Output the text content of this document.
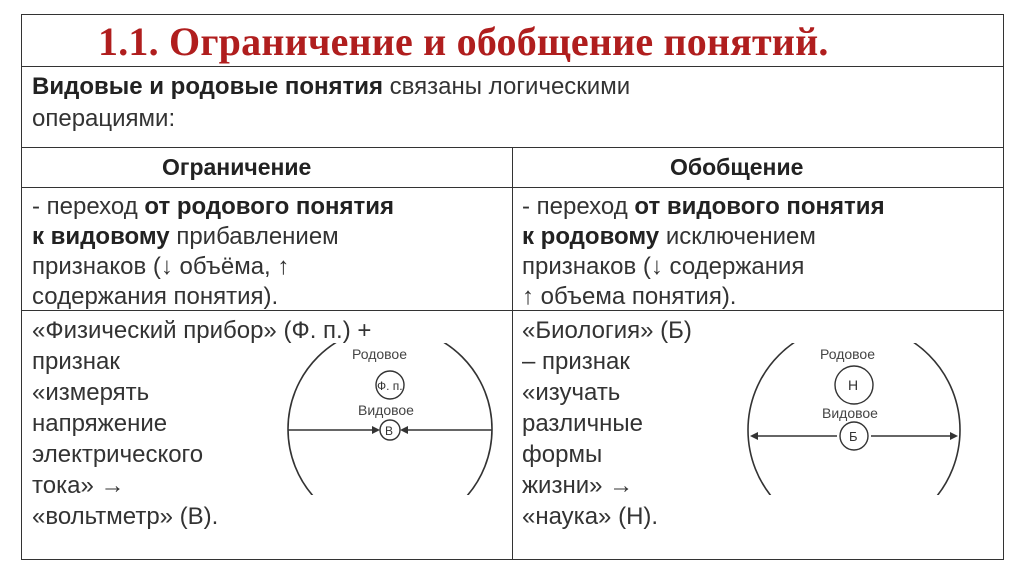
1.1. Ограничение и обобщение понятий.
Видовые и родовые понятия связаны логическими
операциями:
Ограничение	Обобщение
- переход от родового понятия
к видовому прибавлением
признаков (↓ объёма, ↑
содержания понятия).
- переход от видового понятия
к родовому исключением
признаков (↓ содержания
↑ объема понятия).
«Физический прибор» (Ф. п.) +
признак
«измерять
напряжение
электрического
тока» →
«вольтметр» (В).
Родовое
Ф. п.
Видовое
В
«Биология» (Б)
– признак
«изучать
различные
формы
жизни» →
«наука» (Н).
Родовое
Н
Видовое
Б
